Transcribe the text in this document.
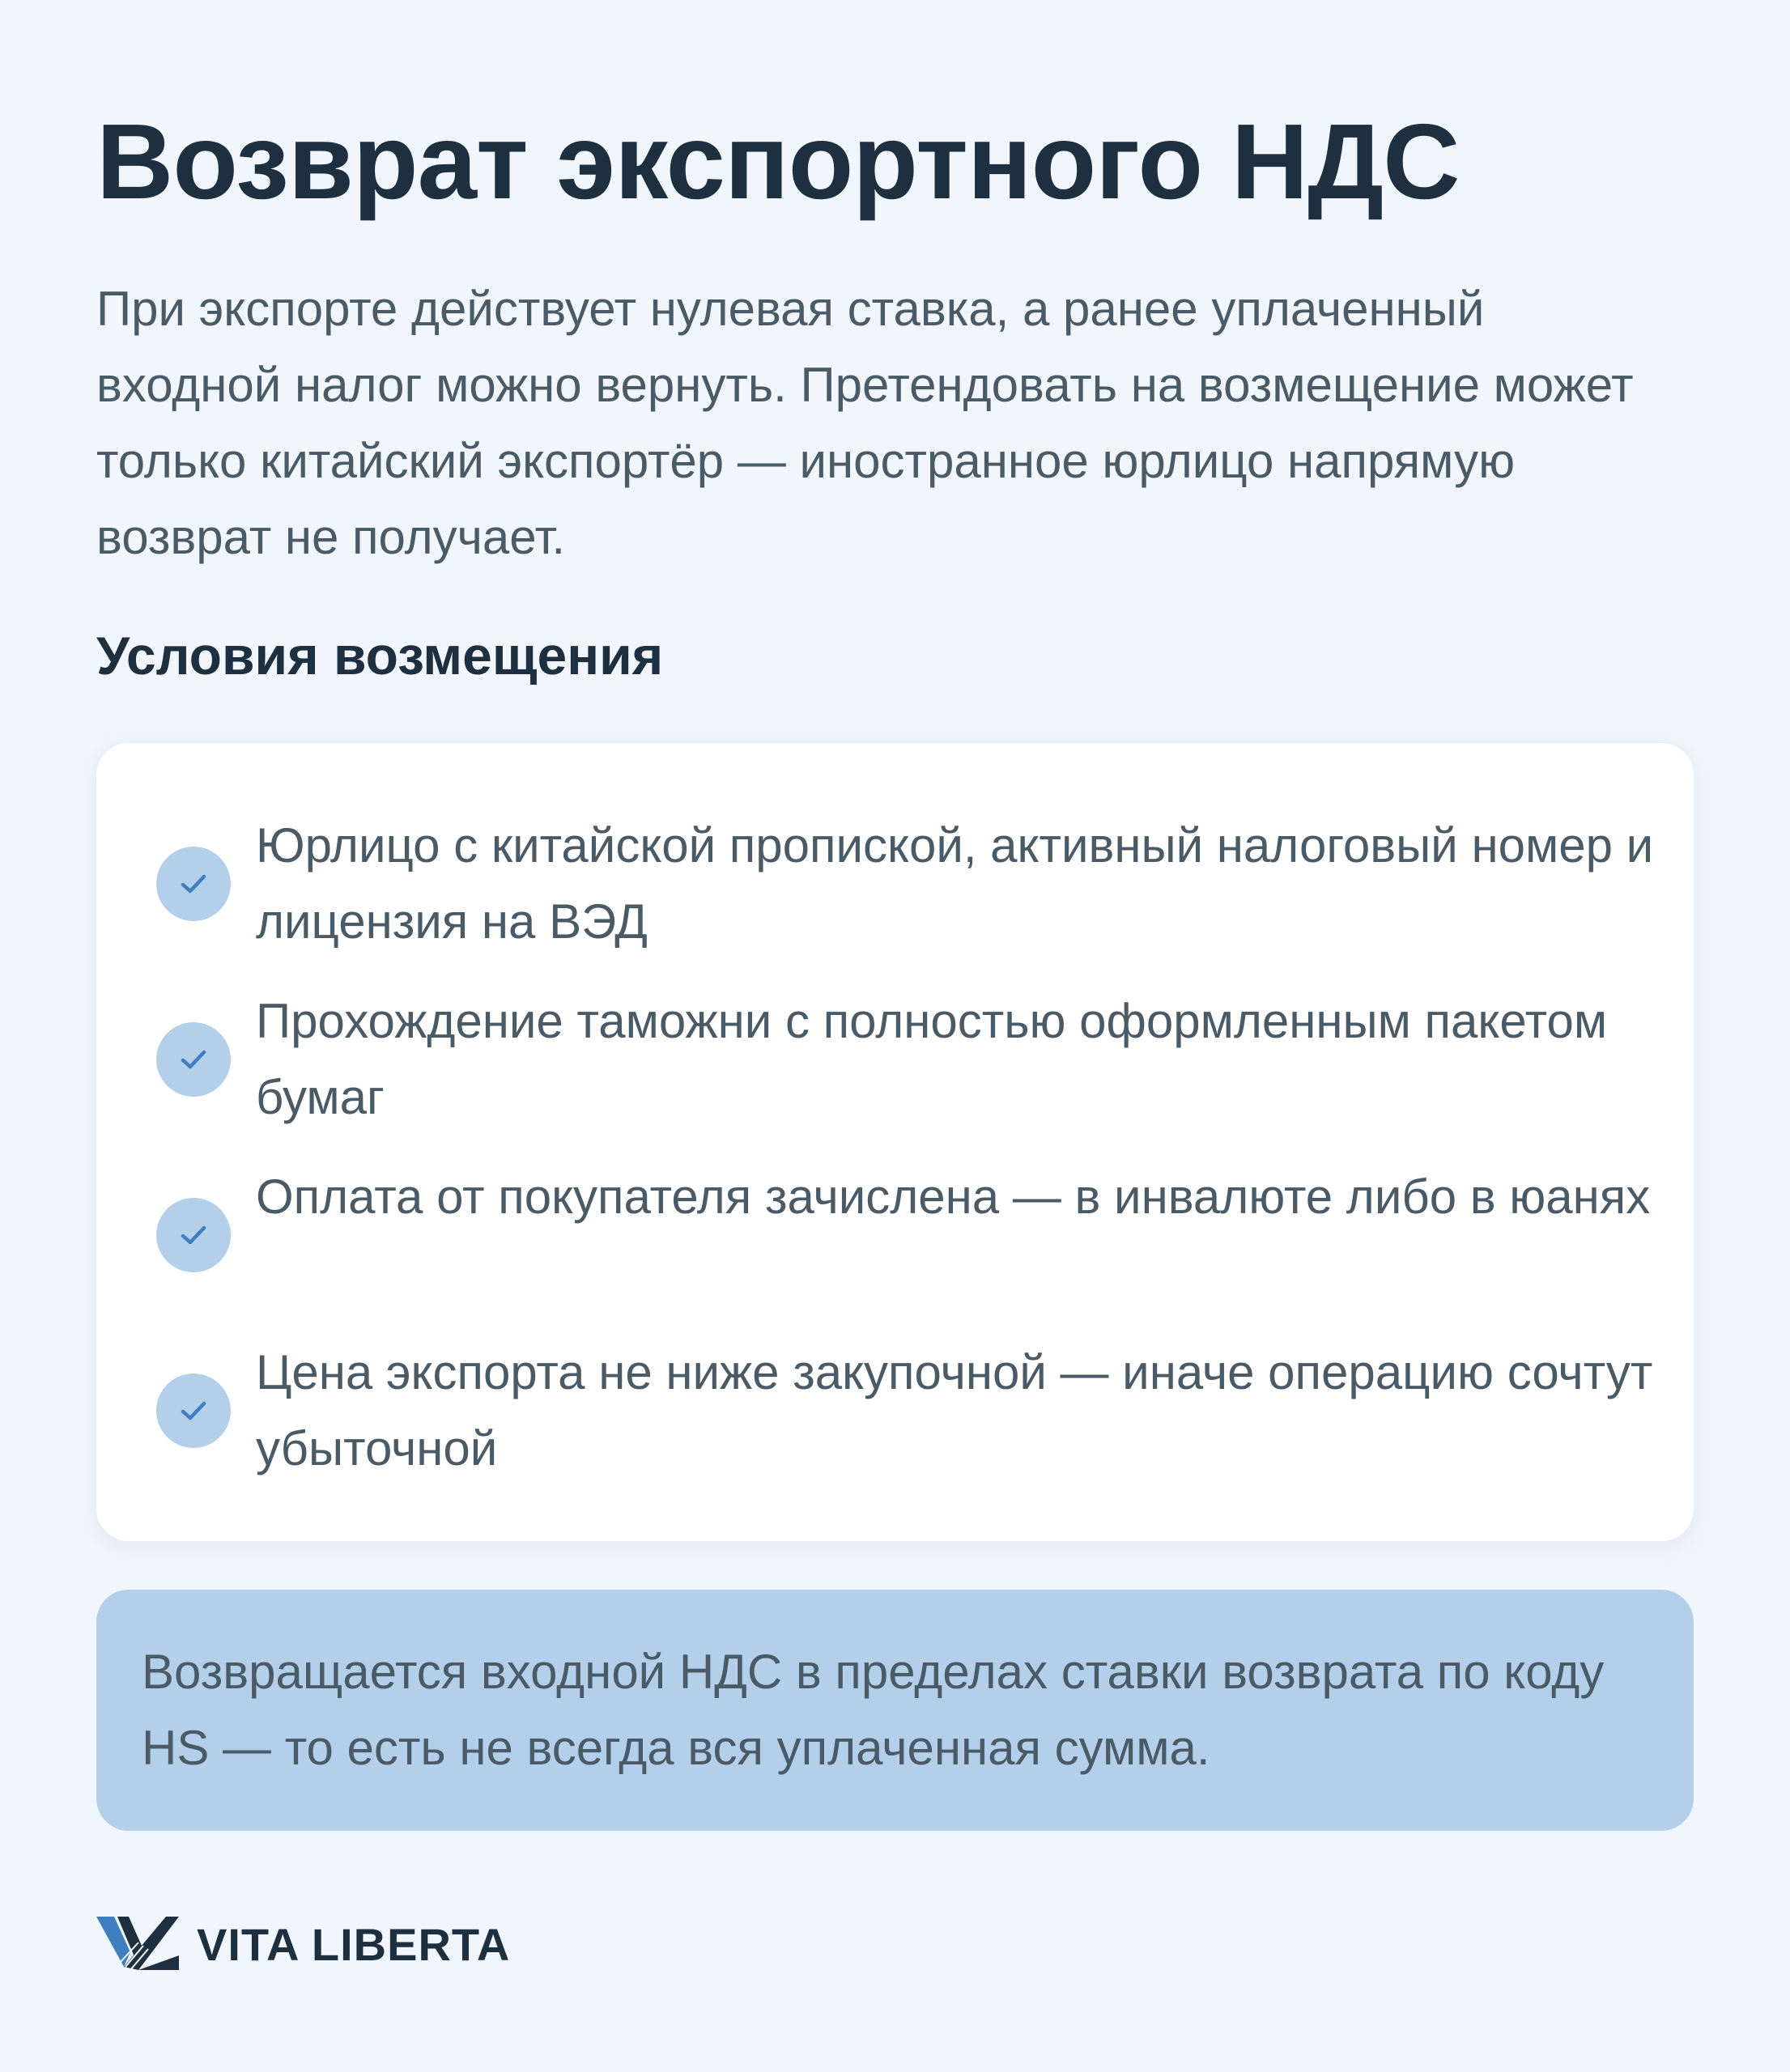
Возврат экспортного НДС

При экспорте действует нулевая ставка, а ранее уплаченный входной налог можно вернуть. Претендовать на возмещение может только китайский экспортёр — иностранное юрлицо напрямую возврат не получает.

Условия возмещения
Юрлицо с китайской пропиской, активный налоговый номер и лицензия на ВЭД
Прохождение таможни с полностью оформленным пакетом бумаг
Оплата от покупателя зачислена — в инвалюте либо в юанях
Цена экспорта не ниже закупочной — иначе операцию сочтут убыточной

Возвращается входной НДС в пределах ставки возврата по коду HS — то есть не всегда вся уплаченная сумма.

VITA LIBERTA
